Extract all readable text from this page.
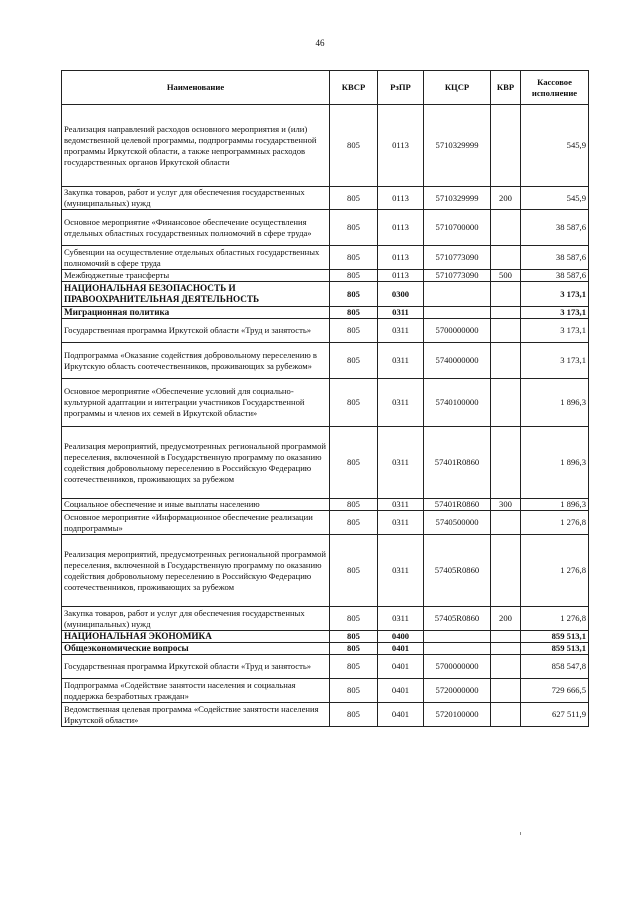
46
Наименование	КВСР	РзПР	КЦСР	КВР	Кассовое исполнение
Реализация направлений расходов основного мероприятия и (или) ведомственной целевой программы, подпрограммы государственной программы Иркутской области, а также непрограммных расходов государственных органов Иркутской области	805	0113	5710329999		545,9
Закупка товаров, работ и услуг для обеспечения государственных (муниципальных) нужд	805	0113	5710329999	200	545,9
Основное мероприятие «Финансовое обеспечение осуществления отдельных областных государственных полномочий в сфере труда»	805	0113	5710700000		38 587,6
Субвенции на осуществление отдельных областных государственных полномочий в сфере труда	805	0113	5710773090		38 587,6
Межбюджетные трансферты	805	0113	5710773090	500	38 587,6
НАЦИОНАЛЬНАЯ БЕЗОПАСНОСТЬ И ПРАВООХРАНИТЕЛЬНАЯ ДЕЯТЕЛЬНОСТЬ	805	0300			3 173,1
Миграционная политика	805	0311			3 173,1
Государственная программа Иркутской области «Труд и занятость»	805	0311	5700000000		3 173,1
Подпрограмма «Оказание содействия добровольному переселению в Иркутскую область соотечественников, проживающих за рубежом»	805	0311	5740000000		3 173,1
Основное мероприятие «Обеспечение условий для социально-культурной адаптации и интеграции участников Государственной программы и членов их семей в Иркутской области»	805	0311	5740100000		1 896,3
Реализация мероприятий, предусмотренных региональной программой переселения, включенной в Государственную программу по оказанию содействия добровольному переселению в Российскую Федерацию соотечественников, проживающих за рубежом	805	0311	57401R0860		1 896,3
Социальное обеспечение и иные выплаты населению	805	0311	57401R0860	300	1 896,3
Основное мероприятие «Информационное обеспечение реализации подпрограммы»	805	0311	5740500000		1 276,8
Реализация мероприятий, предусмотренных региональной программой переселения, включенной в Государственную программу по оказанию содействия добровольному переселению в Российскую Федерацию соотечественников, проживающих за рубежом	805	0311	57405R0860		1 276,8
Закупка товаров, работ и услуг для обеспечения государственных (муниципальных) нужд	805	0311	57405R0860	200	1 276,8
НАЦИОНАЛЬНАЯ ЭКОНОМИКА	805	0400			859 513,1
Общеэкономические вопросы	805	0401			859 513,1
Государственная программа Иркутской области «Труд и занятость»	805	0401	5700000000		858 547,8
Подпрограмма «Содействие занятости населения и социальная поддержка безработных граждан»	805	0401	5720000000		729 666,5
Ведомственная целевая программа «Содействие занятости населения Иркутской области»	805	0401	5720100000		627 511,9
